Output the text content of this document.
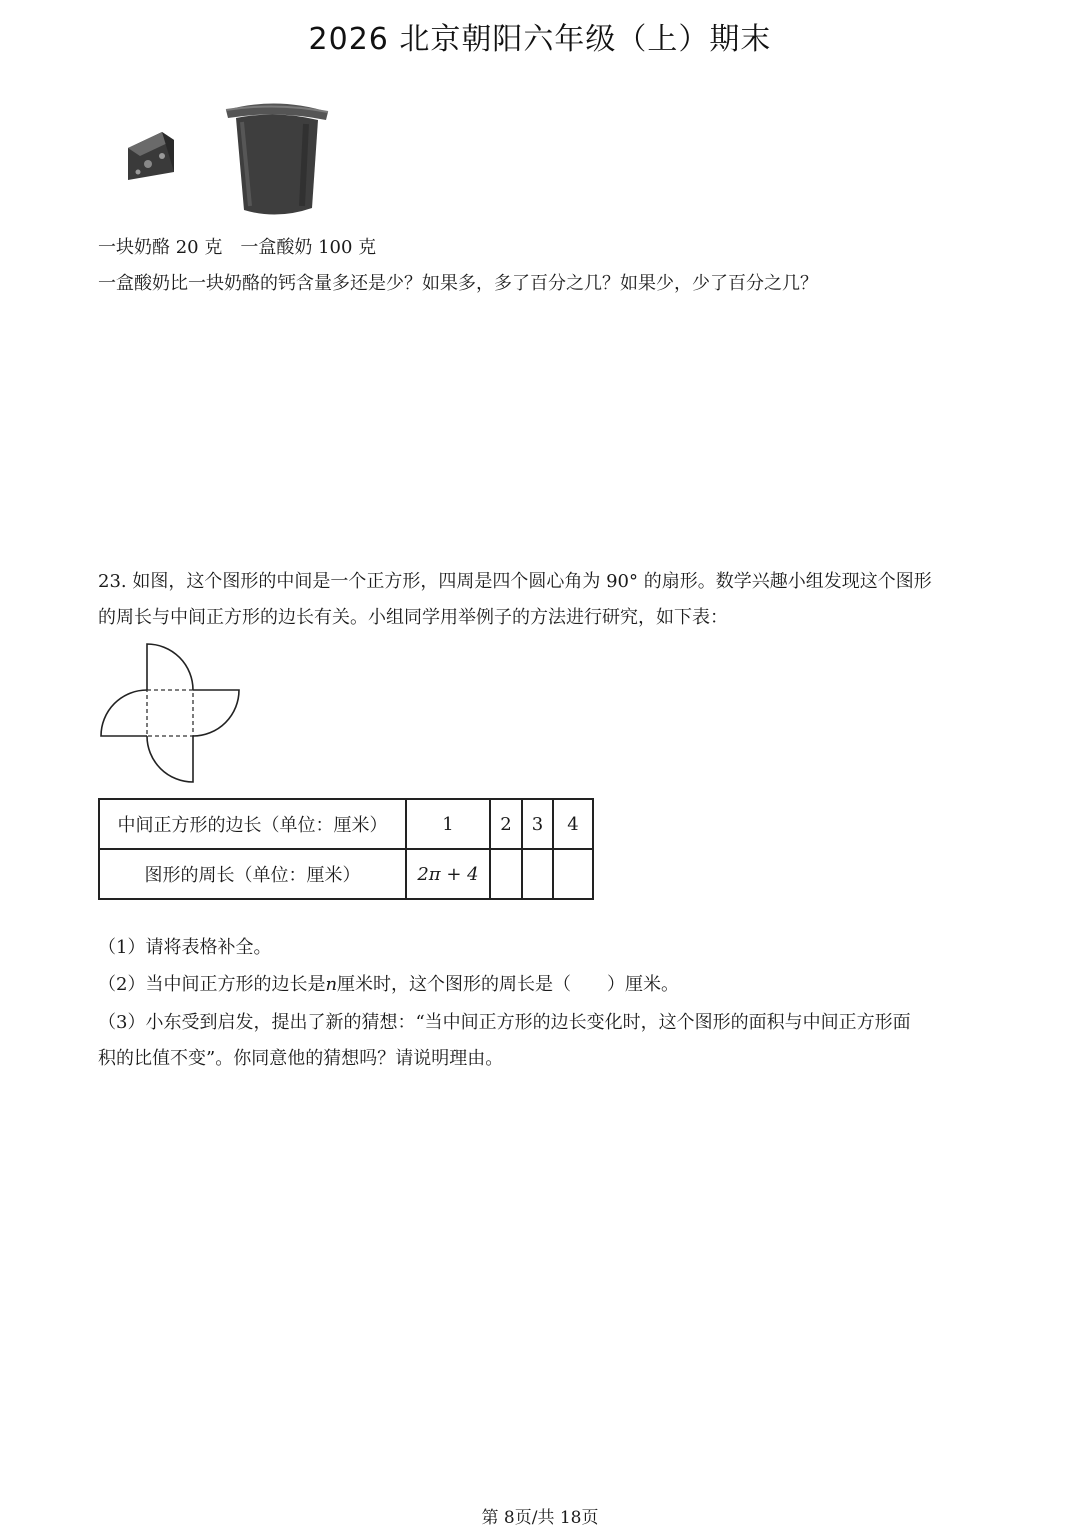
2026 北京朝阳六年级（上）期末
一块奶酪 20 克　一盒酸奶 100 克
一盒酸奶比一块奶酪的钙含量多还是少？如果多，多了百分之几？如果少，少了百分之几？
23. 如图，这个图形的中间是一个正方形，四周是四个圆心角为 90° 的扇形。数学兴趣小组发现这个图形
的周长与中间正方形的边长有关。小组同学用举例子的方法进行研究，如下表：
中间正方形的边长（单位：厘米）	1	2	3	4
图形的周长（单位：厘米）	2π + 4			
（1）请将表格补全。
（2）当中间正方形的边长是n厘米时，这个图形的周长是（　　）厘米。
（3）小东受到启发，提出了新的猜想：“当中间正方形的边长变化时，这个图形的面积与中间正方形面
积的比值不变”。你同意他的猜想吗？请说明理由。
第 8页/共 18页
